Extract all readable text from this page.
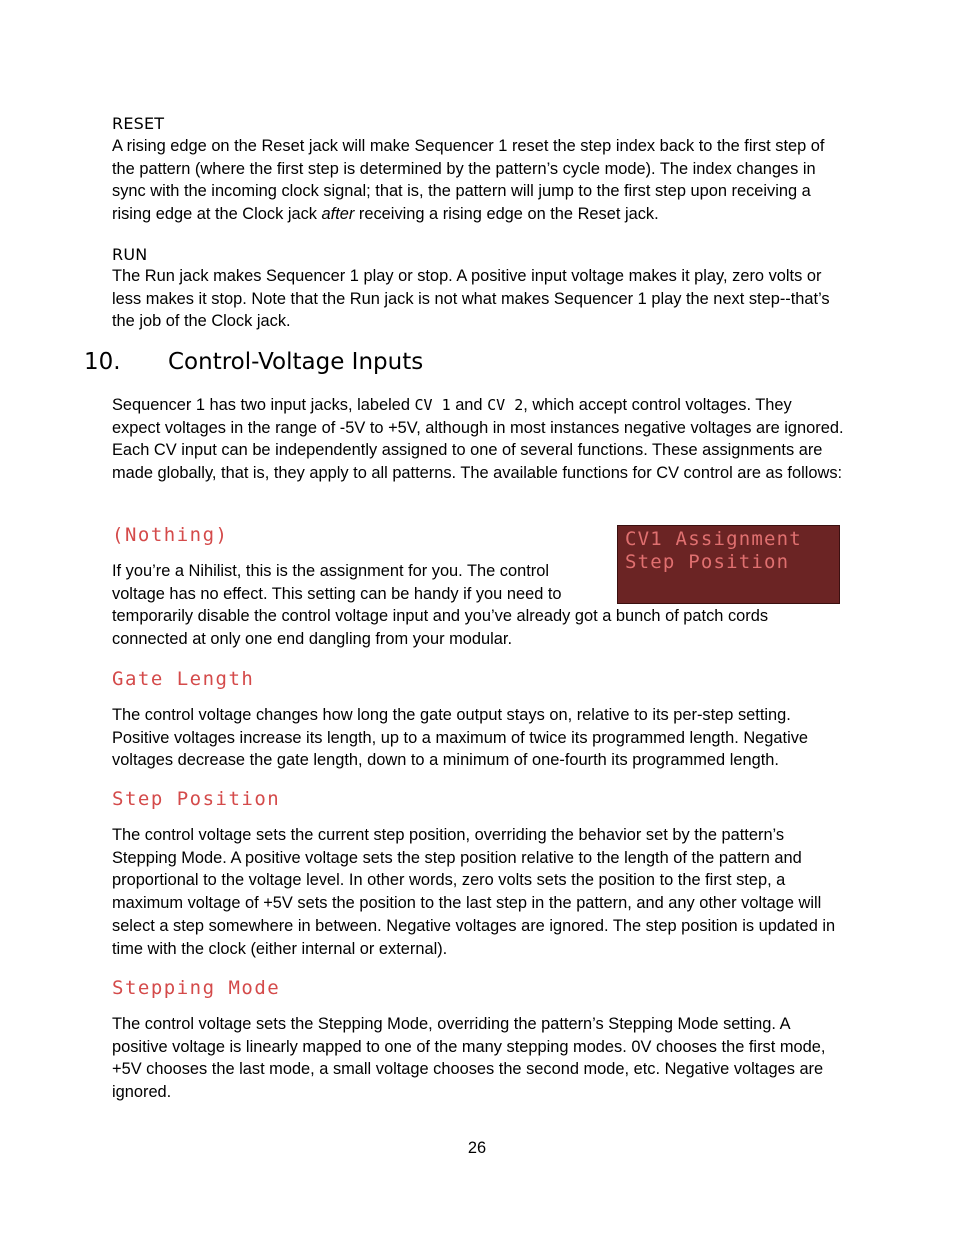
RESET

A rising edge on the Reset jack will make Sequencer 1 reset the step index back to the first step of the pattern (where the first step is determined by the pattern’s cycle mode). The index changes in sync with the incoming clock signal; that is, the pattern will jump to the first step upon receiving a rising edge at the Clock jack after receiving a rising edge on the Reset jack.

RUN

The Run jack makes Sequencer 1 play or stop. A positive input voltage makes it play, zero volts or less makes it stop. Note that the Run jack is not what makes Sequencer 1 play the next step--that’s the job of the Clock jack.

10. Control-Voltage Inputs

Sequencer 1 has two input jacks, labeled CV 1 and CV 2, which accept control voltages. They expect voltages in the range of -5V to +5V, although in most instances negative voltages are ignored. Each CV input can be independently assigned to one of several functions. These assignments are made globally, that is, they apply to all patterns. The available functions for CV control are as follows:

CV1 Assignment
Step Position
(Nothing)

If you’re a Nihilist, this is the assignment for you. The control voltage has no effect. This setting can be handy if you need to

temporarily disable the control voltage input and you’ve already got a bunch of patch cords connected at only one end dangling from your modular.

Gate Length

The control voltage changes how long the gate output stays on, relative to its per-step setting. Positive voltages increase its length, up to a maximum of twice its programmed length. Negative voltages decrease the gate length, down to a minimum of one-fourth its programmed length.

Step Position

The control voltage sets the current step position, overriding the behavior set by the pattern’s Stepping Mode. A positive voltage sets the step position relative to the length of the pattern and proportional to the voltage level. In other words, zero volts sets the position to the first step, a maximum voltage of +5V sets the position to the last step in the pattern, and any other voltage will select a step somewhere in between. Negative voltages are ignored. The step position is updated in time with the clock (either internal or external).

Stepping Mode

The control voltage sets the Stepping Mode, overriding the pattern’s Stepping Mode setting. A positive voltage is linearly mapped to one of the many stepping modes. 0V chooses the first mode, +5V chooses the last mode, a small voltage chooses the second mode, etc. Negative voltages are ignored.

26
